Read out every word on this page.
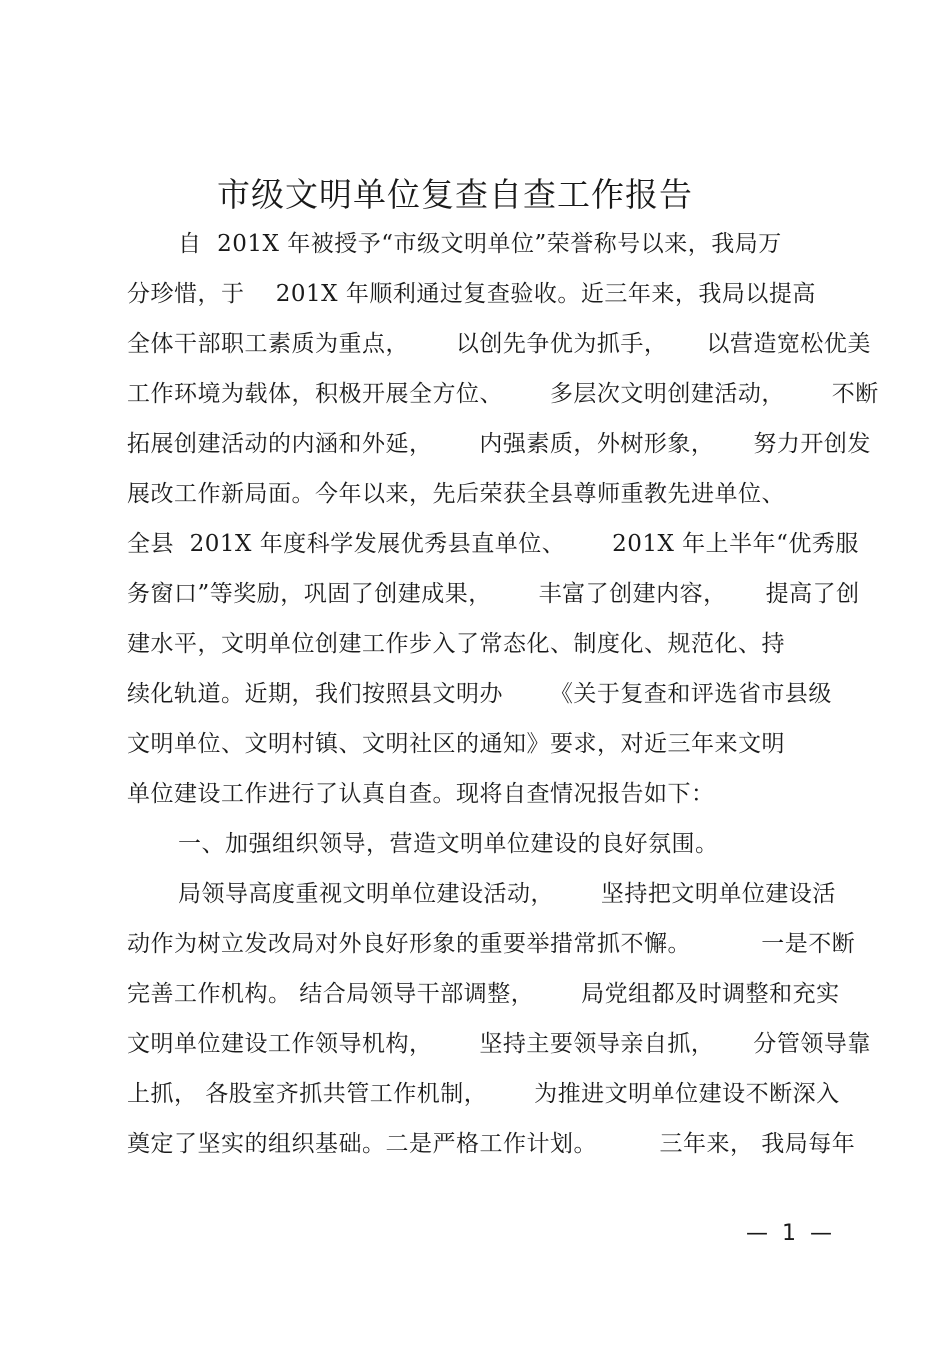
市级文明单位复查自查工作报告
自  201X 年被授予“市级文明单位”荣誉称号以来，我局万
分珍惜，于    201X 年顺利通过复查验收。近三年来，我局以提高
全体干部职工素质为重点，      以创先争优为抓手，     以营造宽松优美
工作环境为载体，积极开展全方位、      多层次文明创建活动，      不断
拓展创建活动的内涵和外延，      内强素质，外树形象，     努力开创发
展改工作新局面。今年以来，先后荣获全县尊师重教先进单位、
全县  201X 年度科学发展优秀县直单位、      201X 年上半年“优秀服
务窗口”等奖励，巩固了创建成果，      丰富了创建内容，     提高了创
建水平，文明单位创建工作步入了常态化、制度化、规范化、持
续化轨道。近期，我们按照县文明办      《关于复查和评选省市县级
文明单位、文明村镇、文明社区的通知》要求，对近三年来文明
单位建设工作进行了认真自查。现将自查情况报告如下：
一、加强组织领导，营造文明单位建设的良好氛围。
局领导高度重视文明单位建设活动，      坚持把文明单位建设活
动作为树立发改局对外良好形象的重要举措常抓不懈。         一是不断
完善工作机构。 结合局领导干部调整，      局党组都及时调整和充实
文明单位建设工作领导机构，      坚持主要领导亲自抓，     分管领导靠
上抓， 各股室齐抓共管工作机制，      为推进文明单位建设不断深入
奠定了坚实的组织基础。二是严格工作计划。        三年来， 我局每年
—  1  —
